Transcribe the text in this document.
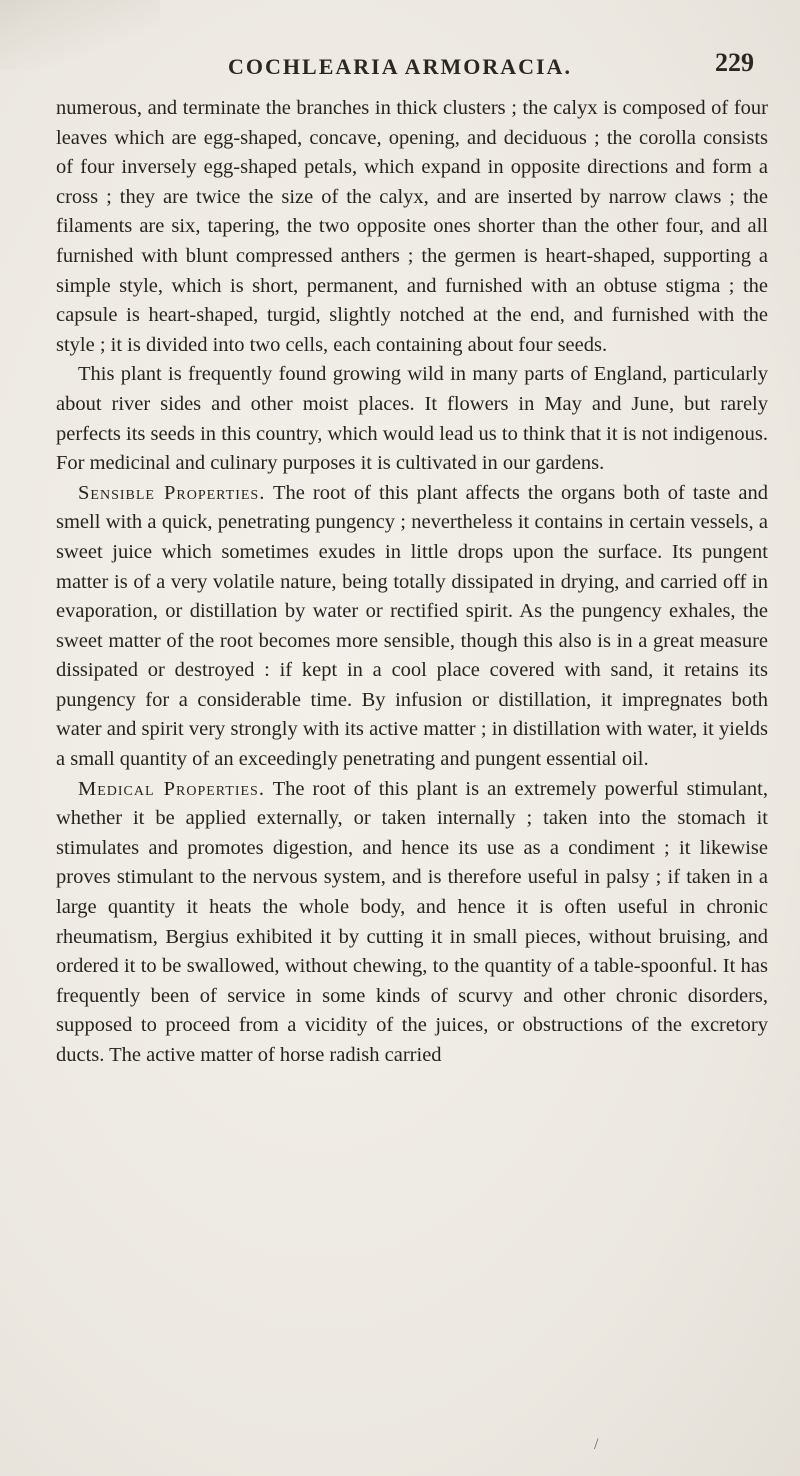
COCHLEARIA ARMORACIA.	229

numerous, and terminate the branches in thick clusters ; the calyx is composed of four leaves which are egg-shaped, concave, opening, and deciduous ; the corolla consists of four inversely egg-shaped petals, which expand in opposite directions and form a cross ; they are twice the size of the calyx, and are inserted by narrow claws ; the filaments are six, tapering, the two opposite ones shorter than the other four, and all furnished with blunt compressed anthers ; the germen is heart-shaped, supporting a simple style, which is short, permanent, and furnished with an obtuse stigma ; the capsule is heart-shaped, turgid, slightly notched at the end, and furnished with the style ; it is divided into two cells, each containing about four seeds.

This plant is frequently found growing wild in many parts of England, particularly about river sides and other moist places. It flowers in May and June, but rarely perfects its seeds in this country, which would lead us to think that it is not indigenous. For medicinal and culinary purposes it is cultivated in our gardens.

Sensible Properties. The root of this plant affects the organs both of taste and smell with a quick, penetrating pungency ; nevertheless it contains in certain vessels, a sweet juice which sometimes exudes in little drops upon the surface. Its pungent matter is of a very volatile nature, being totally dissipated in drying, and carried off in evaporation, or distillation by water or rectified spirit. As the pungency exhales, the sweet matter of the root becomes more sensible, though this also is in a great measure dissipated or destroyed : if kept in a cool place covered with sand, it retains its pungency for a considerable time. By infusion or distillation, it impregnates both water and spirit very strongly with its active matter ; in distillation with water, it yields a small quantity of an exceedingly penetrating and pungent essential oil.

Medical Properties. The root of this plant is an extremely powerful stimulant, whether it be applied externally, or taken internally ; taken into the stomach it stimulates and promotes digestion, and hence its use as a condiment ; it likewise proves stimulant to the nervous system, and is therefore useful in palsy ; if taken in a large quantity it heats the whole body, and hence it is often useful in chronic rheumatism, Bergius exhibited it by cutting it in small pieces, without bruising, and ordered it to be swallowed, without chewing, to the quantity of a table-spoonful. It has frequently been of service in some kinds of scurvy and other chronic disorders, supposed to proceed from a vicidity of the juices, or obstructions of the excretory ducts. The active matter of horse radish carried

/
